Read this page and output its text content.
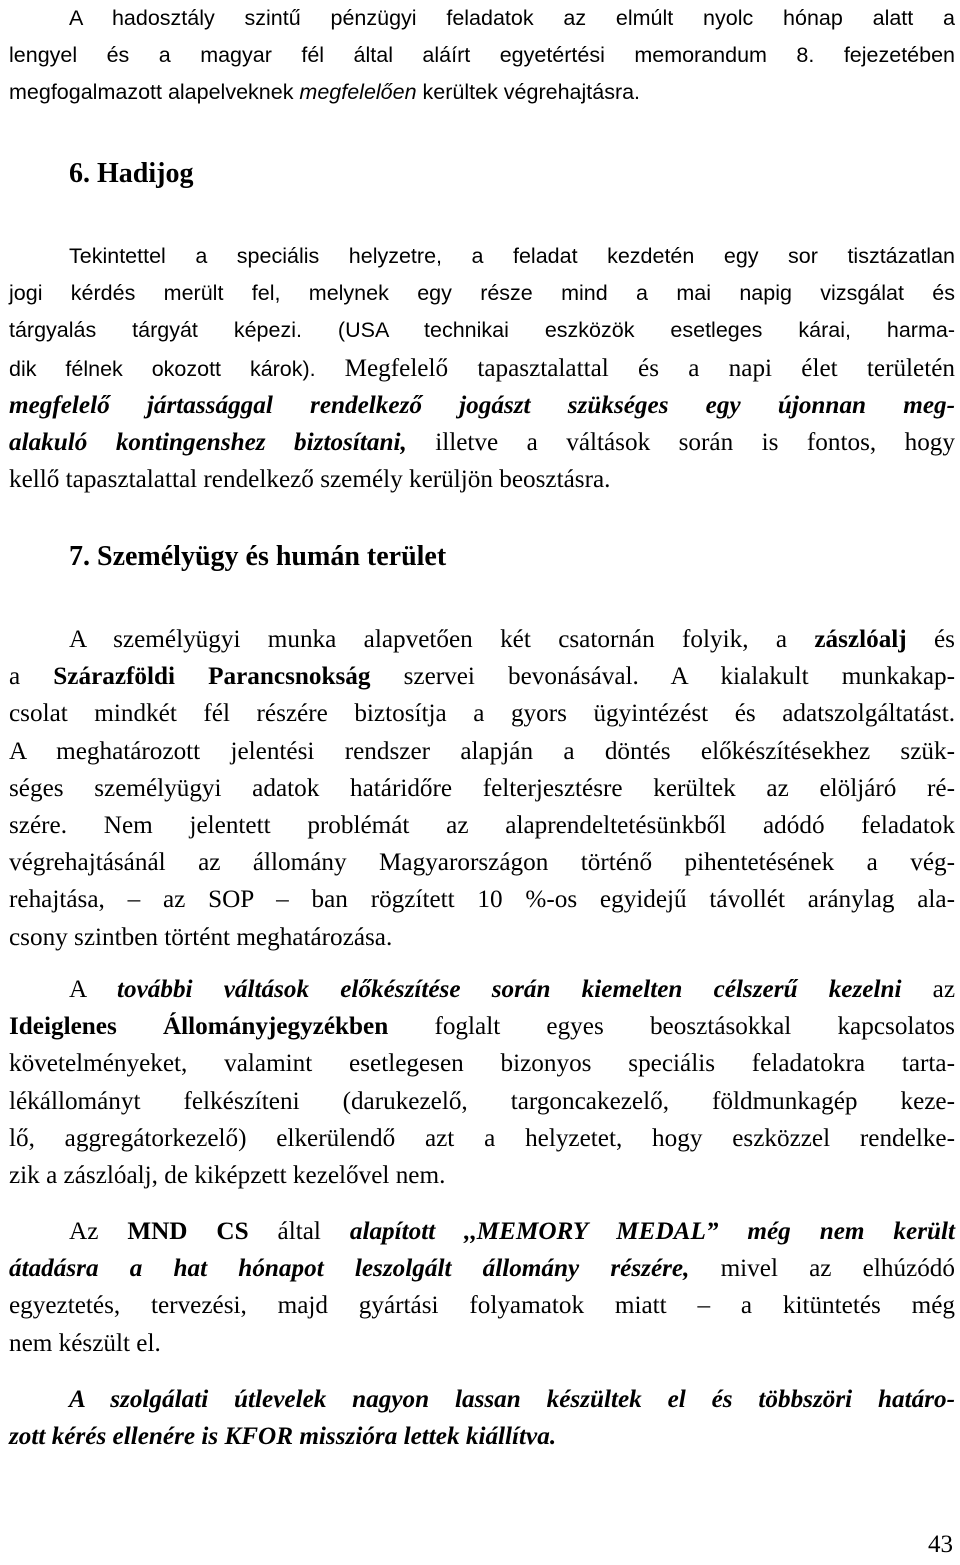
A hadosztály szintű pénzügyi feladatok az elmúlt nyolc hónap alatt a
lengyel és a magyar fél által aláírt egyetértési memorandum 8. fejezetében
megfogalmazott alapelveknek megfelelően kerültek végrehajtásra.
6. Hadijog
Tekintettel a speciális helyzetre, a feladat kezdetén egy sor tisztázatlan
jogi kérdés merült fel, melynek egy része mind a mai napig vizsgálat és
tárgyalás tárgyát képezi. (USA technikai eszközök esetleges kárai, harma-
dik félnek okozott károk). Megfelelő tapasztalattal és a napi élet területén
megfelelő jártassággal rendelkező jogászt szükséges egy újonnan meg-
alakuló kontingenshez biztosítani, illetve a váltások során is fontos, hogy
kellő tapasztalattal rendelkező személy kerüljön beosztásra.
7. Személyügy és humán terület
A személyügyi munka alapvetően két csatornán folyik, a zászlóalj és
a Szárazföldi Parancsnokság szervei bevonásával. A kialakult munkakap-
csolat mindkét fél részére biztosítja a gyors ügyintézést és adatszolgáltatást.
A meghatározott jelentési rendszer alapján a döntés előkészítésekhez szük-
séges személyügyi adatok határidőre felterjesztésre kerültek az elöljáró ré-
szére. Nem jelentett problémát az alaprendeltetésünkből adódó feladatok
végrehajtásánál az állomány Magyarországon történő pihentetésének a vég-
rehajtása, – az SOP – ban rögzített 10 %-os egyidejű távollét aránylag ala-
csony szintben történt meghatározása.
A további váltások előkészítése során kiemelten célszerű kezelni az
Ideiglenes Állományjegyzékben foglalt egyes beosztásokkal kapcsolatos
követelményeket, valamint esetlegesen bizonyos speciális feladatokra tarta-
lékállományt felkészíteni (darukezelő, targoncakezelő, földmunkagép keze-
lő, aggregátorkezelő) elkerülendő azt a helyzetet, hogy eszközzel rendelke-
zik a zászlóalj, de kiképzett kezelővel nem.
Az MND CS által alapított ,,MEMORY MEDAL” még nem került
átadásra a hat hónapot leszolgált állomány részére, mivel az elhúzódó
egyeztetés, tervezési, majd gyártási folyamatok miatt – a kitüntetés még
nem készült el.
A szolgálati útlevelek nagyon lassan készültek el és többszöri határo-
zott kérés ellenére is KFOR misszióra lettek kiállítva.
43
